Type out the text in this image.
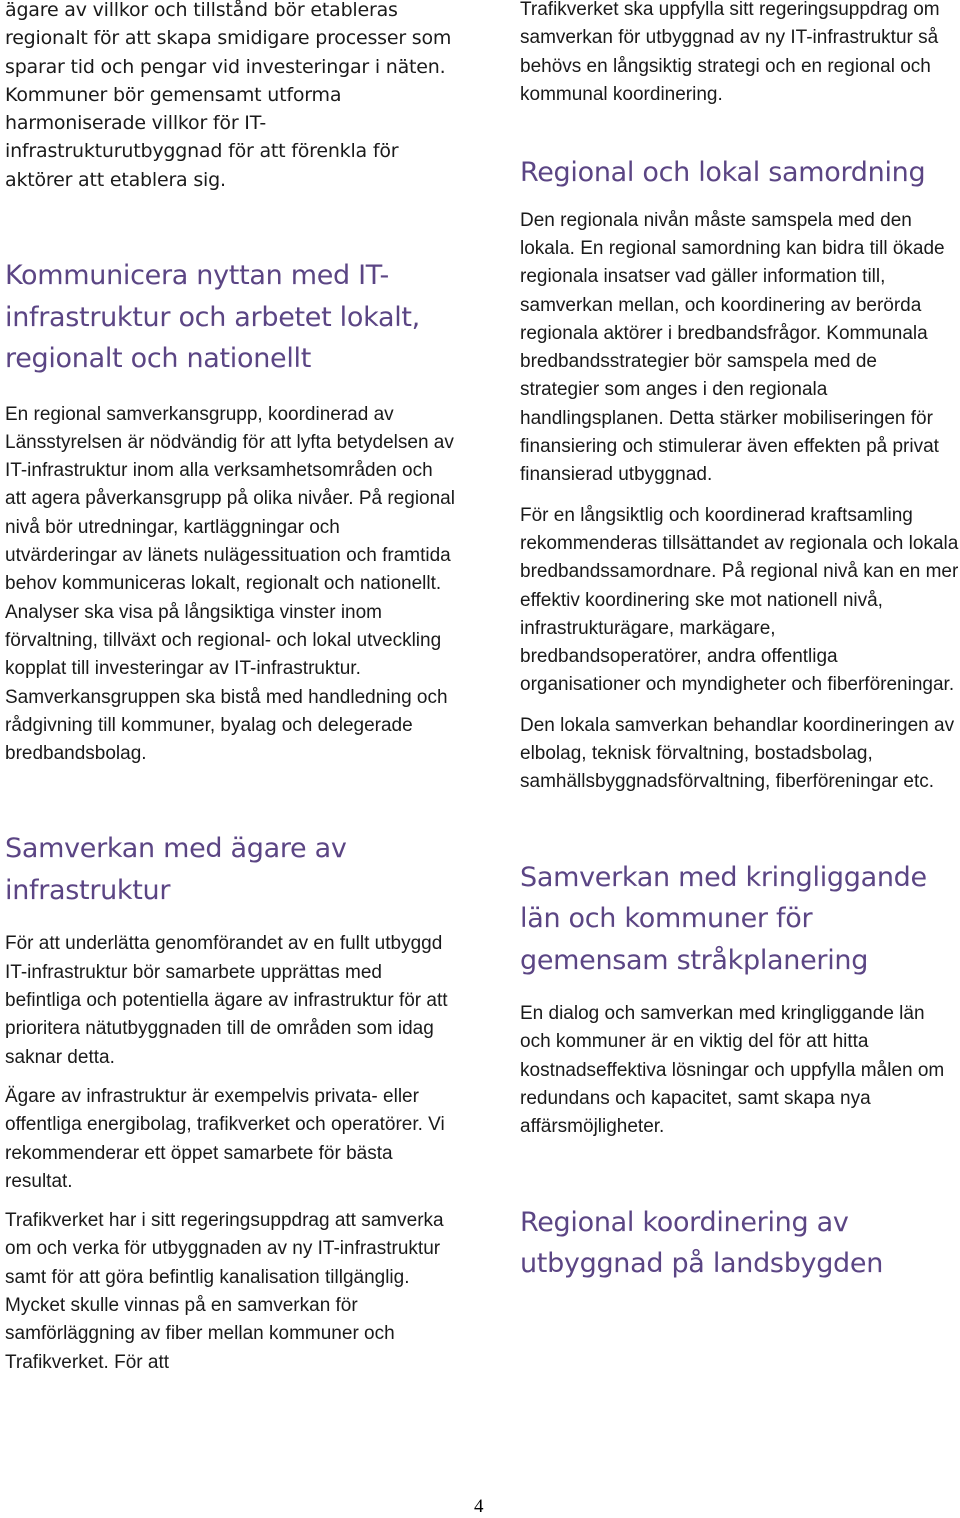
ägare av villkor och tillstånd bör etableras regionalt för att skapa smidigare processer som sparar tid och pengar vid investeringar i näten. Kommuner bör gemensamt utforma harmoniserade villkor för IT-infrastrukturutbyggnad för att förenkla för aktörer att etablera sig.

Kommunicera nyttan med IT-infrastruktur och arbetet lokalt, regionalt och nationellt

En regional samverkansgrupp, koordinerad av Länsstyrelsen är nödvändig för att lyfta betydelsen av IT-infrastruktur inom alla verksamhetsområden och att agera påverkansgrupp på olika nivåer. På regional nivå bör utredningar, kartläggningar och utvärderingar av länets nulägessituation och framtida behov kommuniceras lokalt, regionalt och nationellt. Analyser ska visa på långsiktiga vinster inom förvaltning, tillväxt och regional- och lokal utveckling kopplat till investeringar av IT-infrastruktur. Samverkansgruppen ska bistå med handledning och rådgivning till kommuner, byalag och delegerade bredbandsbolag.

Samverkan med ägare av infrastruktur

För att underlätta genomförandet av en fullt utbyggd IT-infrastruktur bör samarbete upprättas med befintliga och potentiella ägare av infrastruktur för att prioritera nätutbyggnaden till de områden som idag saknar detta.

Ägare av infrastruktur är exempelvis privata- eller offentliga energibolag, trafikverket och operatörer. Vi rekommenderar ett öppet samarbete för bästa resultat.

Trafikverket har i sitt regeringsuppdrag att samverka om och verka för utbyggnaden av ny IT-infrastruktur samt för att göra befintlig kanalisation tillgänglig. Mycket skulle vinnas på en samverkan för samförläggning av fiber mellan kommuner och Trafikverket. För att

Trafikverket ska uppfylla sitt regeringsuppdrag om samverkan för utbyggnad av ny IT-infrastruktur så behövs en långsiktig strategi och en regional och kommunal koordinering.

Regional och lokal samordning

Den regionala nivån måste samspela med den lokala. En regional samordning kan bidra till ökade regionala insatser vad gäller information till, samverkan mellan, och koordinering av berörda regionala aktörer i bredbandsfrågor. Kommunala bredbandsstrategier bör samspela med de strategier som anges i den regionala handlingsplanen. Detta stärker mobiliseringen för finansiering och stimulerar även effekten på privat finansierad utbyggnad.

För en långsiktlig och koordinerad kraftsamling rekommenderas tillsättandet av regionala och lokala bredbandssamordnare. På regional nivå kan en mer effektiv koordinering ske mot nationell nivå, infrastrukturägare, markägare, bredbandsoperatörer, andra offentliga organisationer och myndigheter och fiberföreningar.

Den lokala samverkan behandlar koordineringen av elbolag, teknisk förvaltning, bostadsbolag, samhällsbyggnadsförvaltning, fiberföreningar etc.

Samverkan med kringliggande län och kommuner för gemensam stråkplanering

En dialog och samverkan med kringliggande län och kommuner är en viktig del för att hitta kostnadseffektiva lösningar och uppfylla målen om redundans och kapacitet, samt skapa nya affärsmöjligheter.

Regional koordinering av utbyggnad på landsbygden
4
